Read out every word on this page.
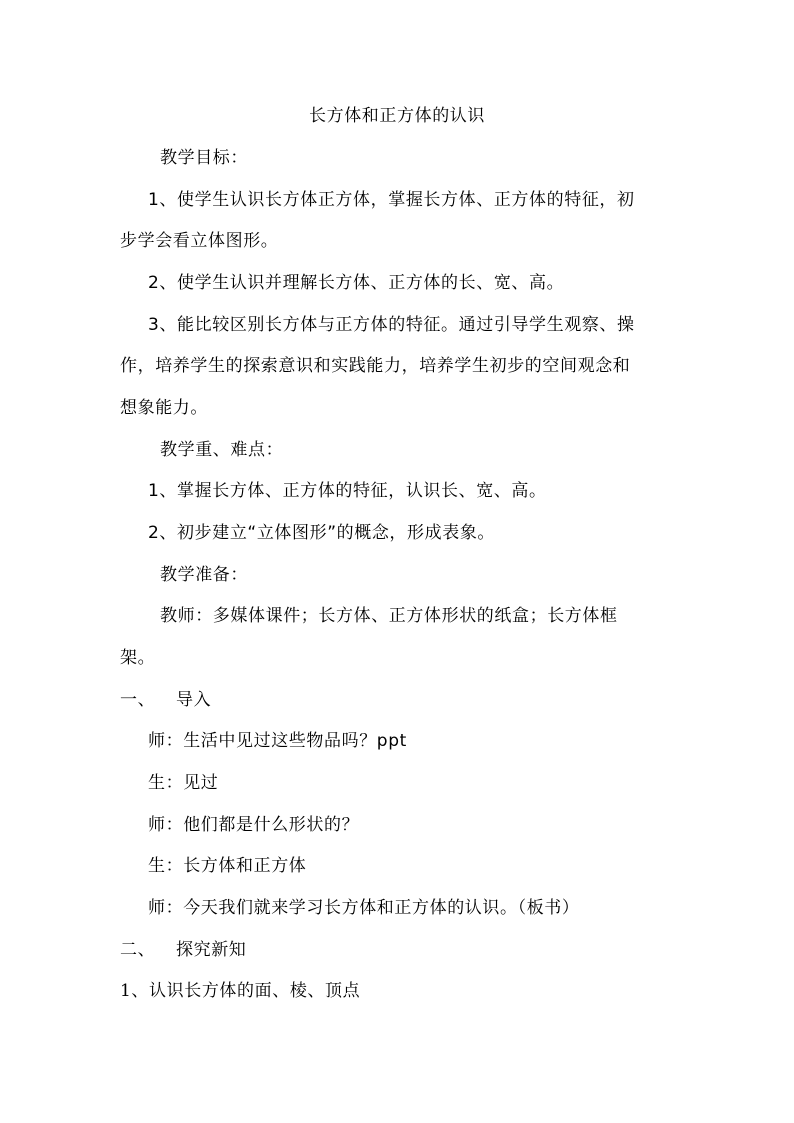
长方体和正方体的认识
教学目标：
1、使学生认识长方体正方体，掌握长方体、正方体的特征，初
步学会看立体图形。
2、使学生认识并理解长方体、正方体的长、宽、高。
3、能比较区别长方体与正方体的特征。通过引导学生观察、操
作，培养学生的探索意识和实践能力，培养学生初步的空间观念和
想象能力。
教学重、难点：
1、掌握长方体、正方体的特征，认识长、宽、高。
2、初步建立“立体图形”的概念，形成表象。
教学准备：
教师：多媒体课件；长方体、正方体形状的纸盒；长方体框
架。
一、 导入
师：生活中见过这些物品吗？ppt
生：见过
师：他们都是什么形状的？
生：长方体和正方体
师：今天我们就来学习长方体和正方体的认识。（板书）
二、 探究新知
1、认识长方体的面、棱、顶点
